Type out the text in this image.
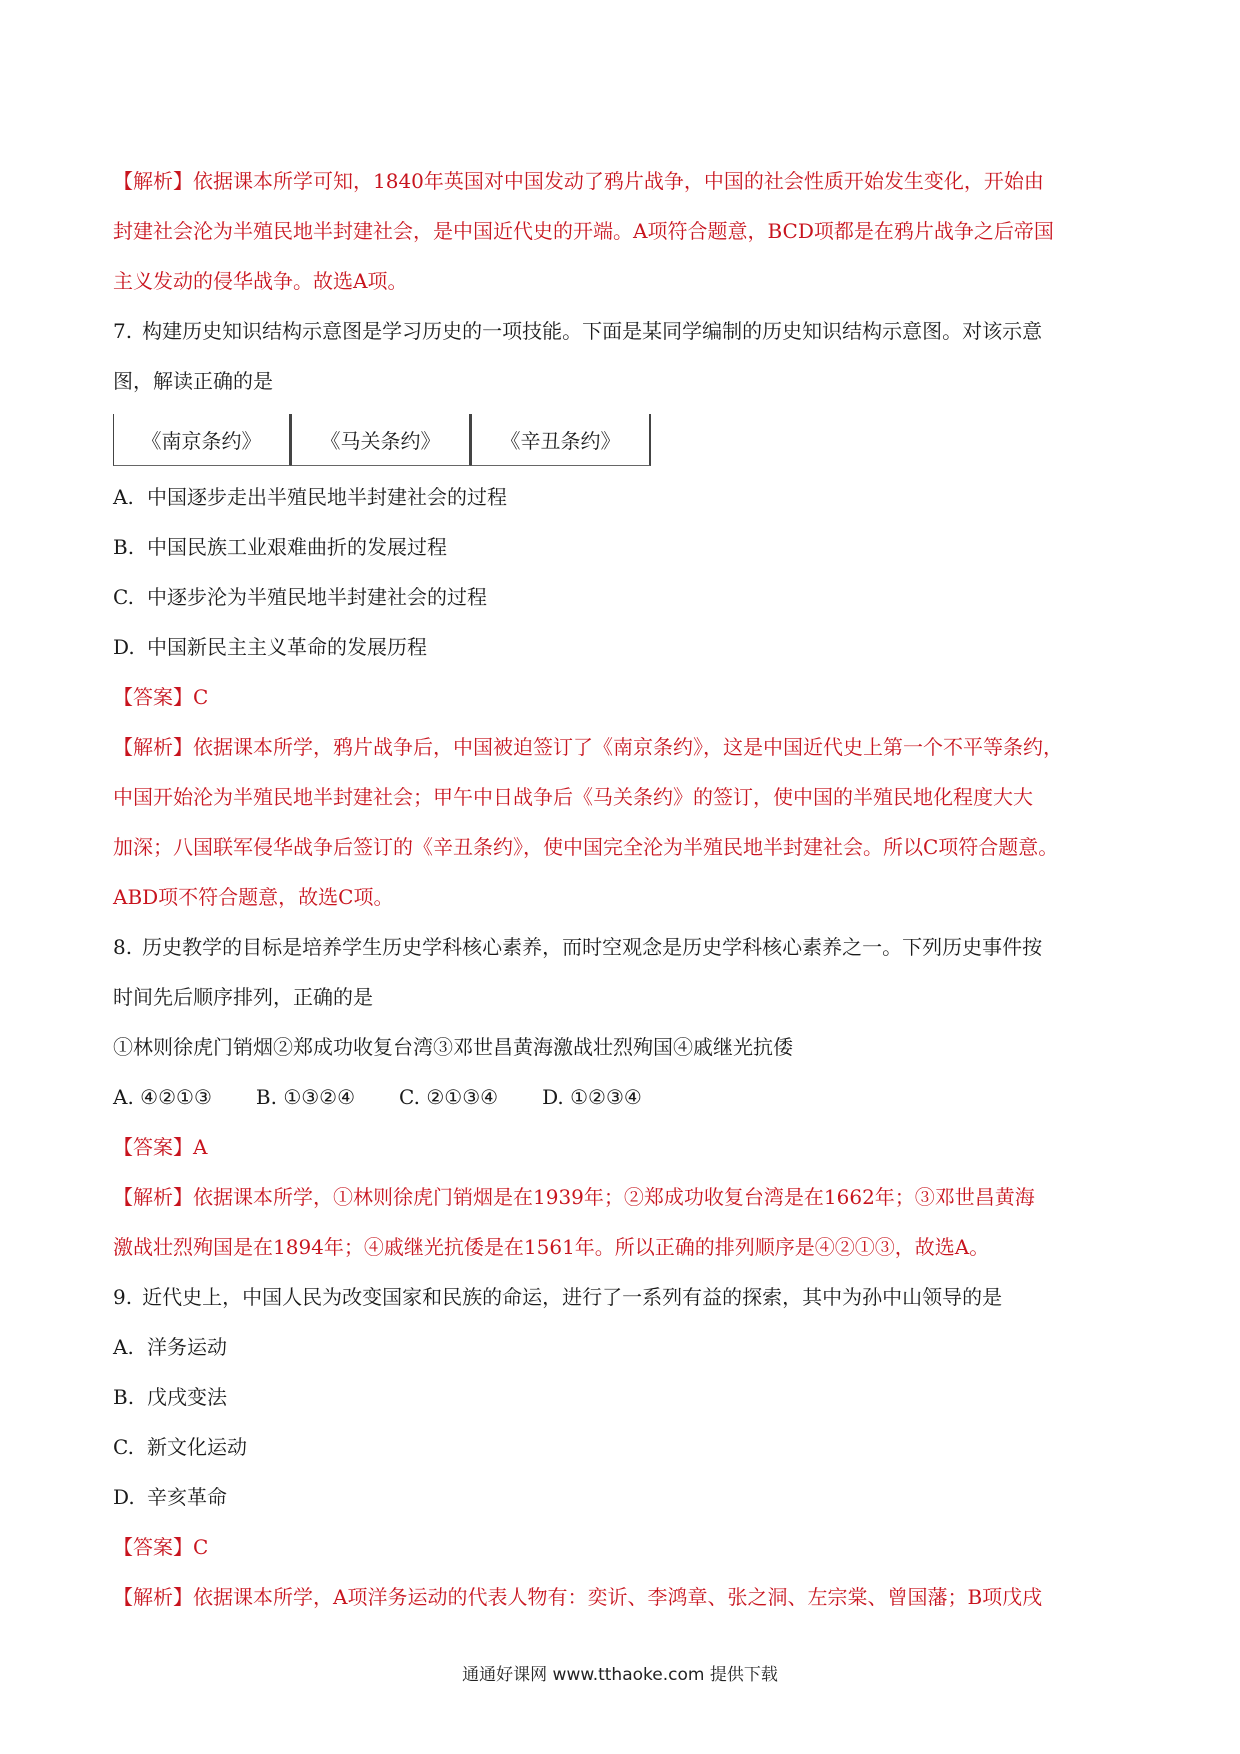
【解析】依据课本所学可知，1840年英国对中国发动了鸦片战争，中国的社会性质开始发生变化，开始由

封建社会沦为半殖民地半封建社会，是中国近代史的开端。A项符合题意，BCD项都是在鸦片战争之后帝国

主义发动的侵华战争。故选A项。

7. 构建历史知识结构示意图是学习历史的一项技能。下面是某同学编制的历史知识结构示意图。对该示意

图，解读正确的是

《南京条约》	《马关条约》	《辛丑条约》

A. 中国逐步走出半殖民地半封建社会的过程

B. 中国民族工业艰难曲折的发展过程

C. 中逐步沦为半殖民地半封建社会的过程

D. 中国新民主主义革命的发展历程

【答案】C

【解析】依据课本所学，鸦片战争后，中国被迫签订了《南京条约》，这是中国近代史上第一个不平等条约，

中国开始沦为半殖民地半封建社会；甲午中日战争后《马关条约》的签订，使中国的半殖民地化程度大大

加深；八国联军侵华战争后签订的《辛丑条约》，使中国完全沦为半殖民地半封建社会。所以C项符合题意。

ABD项不符合题意，故选C项。

8. 历史教学的目标是培养学生历史学科核心素养，而时空观念是历史学科核心素养之一。下列历史事件按

时间先后顺序排列，正确的是

①林则徐虎门销烟②郑成功收复台湾③邓世昌黄海激战壮烈殉国④戚继光抗倭

A. ④②①③ B. ①③②④ C. ②①③④ D. ①②③④

【答案】A

【解析】依据课本所学，①林则徐虎门销烟是在1939年；②郑成功收复台湾是在1662年；③邓世昌黄海

激战壮烈殉国是在1894年；④戚继光抗倭是在1561年。所以正确的排列顺序是④②①③，故选A。

9. 近代史上，中国人民为改变国家和民族的命运，进行了一系列有益的探索，其中为孙中山领导的是

A. 洋务运动

B. 戊戌变法

C. 新文化运动

D. 辛亥革命

【答案】C

【解析】依据课本所学，A项洋务运动的代表人物有：奕䜣、李鸿章、张之洞、左宗棠、曾国藩；B项戊戌

通通好课网 www.tthaoke.com 提供下载
